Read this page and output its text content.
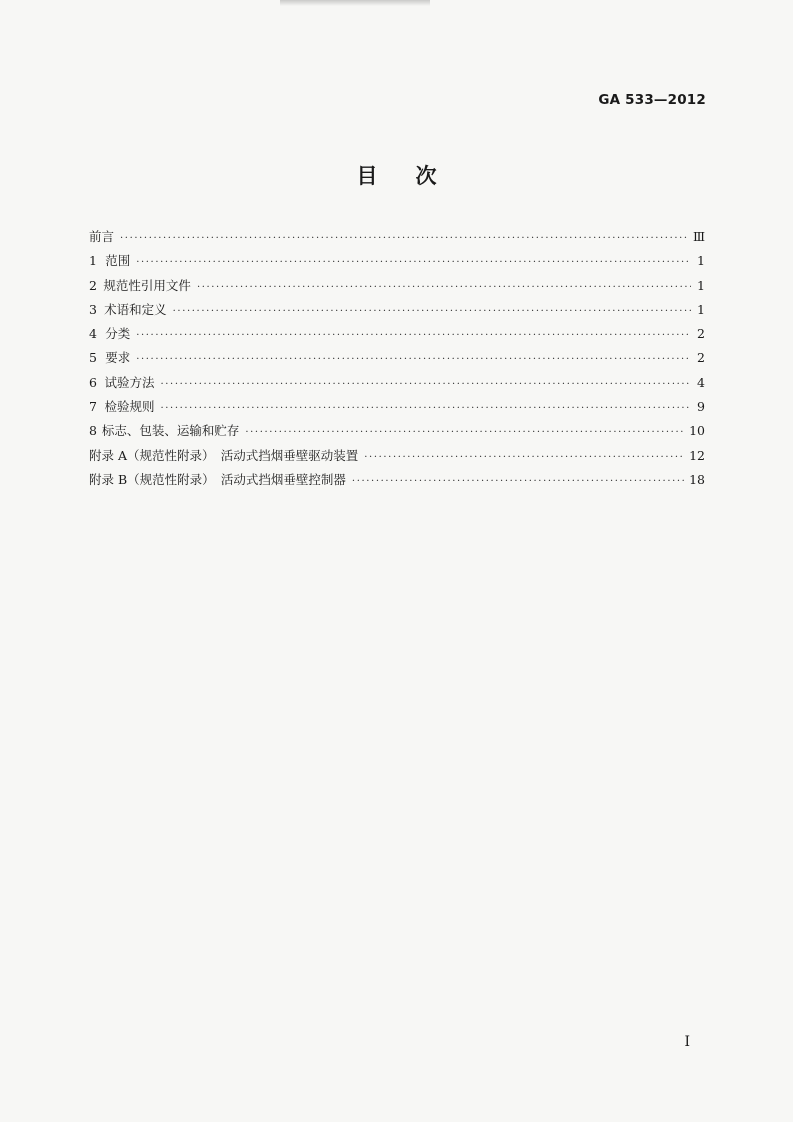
GA 533—2012
目 次
前言 ·····	Ⅲ
1 范围 ·····	1
2 规范性引用文件 ·····	1
3 术语和定义 ·····	1
4 分类 ·····	2
5 要求 ·····	2
6 试验方法 ·····	4
7 检验规则 ·····	9
8 标志、包装、运输和贮存 ·····	10
附录 A（规范性附录）　活动式挡烟垂壁驱动装置 ·····	12
附录 B（规范性附录）　活动式挡烟垂壁控制器 ·····	18
I
